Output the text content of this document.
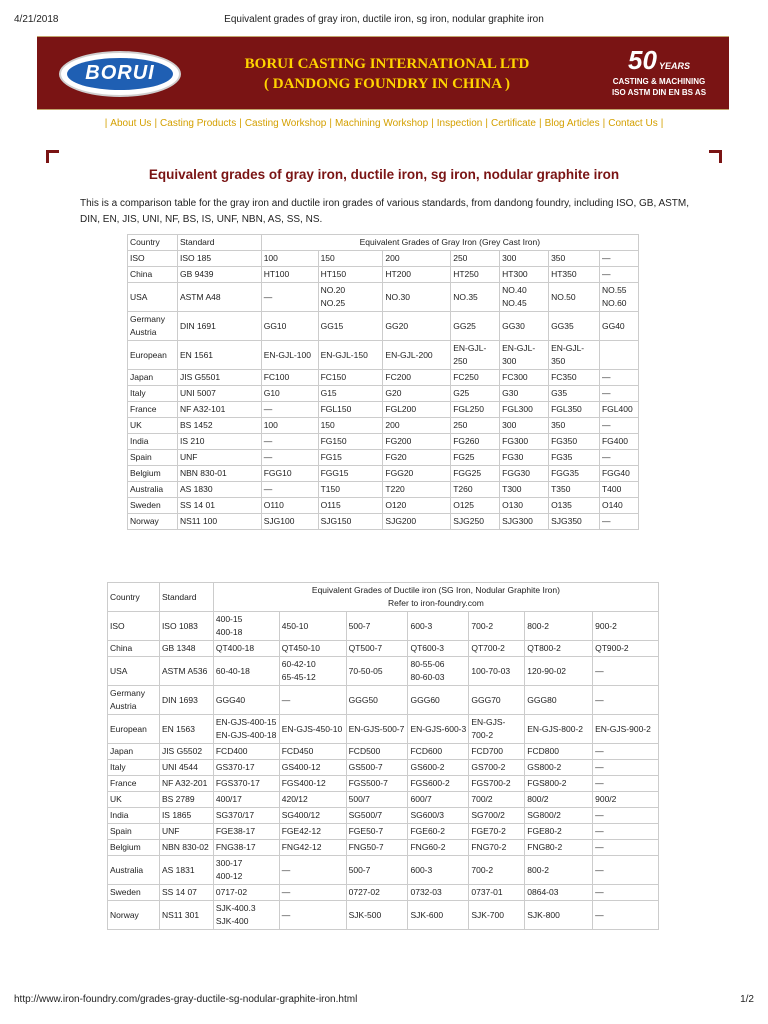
4/21/2018	Equivalent grades of gray iron, ductile iron, sg iron, nodular graphite iron
BORUI	BORUI CASTING INTERNATIONAL LTD
( DANDONG FOUNDRY IN CHINA )
50 YEARS
CASTING & MACHINING
ISO ASTM DIN EN BS AS
| About Us | Casting Products | Casting Workshop | Machining Workshop | Inspection | Certificate | Blog Articles | Contact Us |
Equivalent grades of gray iron, ductile iron, sg iron, nodular graphite iron
This is a comparison table for the gray iron and ductile iron grades of various standards, from dandong foundry, including ISO, GB, ASTM, DIN, EN, JIS, UNI, NF, BS, IS, UNF, NBN, AS, SS, NS.
Country	Standard	Equivalent Grades of Gray Iron (Grey Cast Iron)						

ISO	ISO 185	100	150	200	250	300	350	—

China	GB 9439	HT100	HT150	HT200	HT250	HT300	HT350	—

USA	ASTM A48	—	NO.20
NO.25	NO.30	NO.35	NO.40
NO.45	NO.50	NO.55
NO.60

Germany
Austria	DIN 1691	GG10	GG15	GG20	GG25	GG30	GG35	GG40

European	EN 1561	EN-GJL-100	EN-GJL-150	EN-GJL-200	EN-GJL-250	EN-GJL-300	EN-GJL-350	

Japan	JIS G5501	FC100	FC150	FC200	FC250	FC300	FC350	—

Italy	UNI 5007	G10	G15	G20	G25	G30	G35	—

France	NF A32-101	—	FGL150	FGL200	FGL250	FGL300	FGL350	FGL400

UK	BS 1452	100	150	200	250	300	350	—

India	IS 210	—	FG150	FG200	FG260	FG300	FG350	FG400

Spain	UNF	—	FG15	FG20	FG25	FG30	FG35	—

Belgium	NBN 830-01	FGG10	FGG15	FGG20	FGG25	FGG30	FGG35	FGG40

Australia	AS 1830	—	T150	T220	T260	T300	T350	T400

Sweden	SS 14 01	O110	O115	O120	O125	O130	O135	O140

Norway	NS11 100	SJG100	SJG150	SJG200	SJG250	SJG300	SJG350	—
Country	Standard	Equivalent Grades of Ductile iron (SG Iron, Nodular Graphite Iron)
Refer to iron-foundry.com						

ISO	ISO 1083	400-15
400-18	450-10	500-7	600-3	700-2	800-2	900-2

China	GB 1348	QT400-18	QT450-10	QT500-7	QT600-3	QT700-2	QT800-2	QT900-2

USA	ASTM A536	60-40-18	60-42-10
65-45-12	70-50-05	80-55-06
80-60-03	100-70-03	120-90-02	—

Germany
Austria	DIN 1693	GGG40	—	GGG50	GGG60	GGG70	GGG80	—

European	EN 1563	EN-GJS-400-15
EN-GJS-400-18	EN-GJS-450-10	EN-GJS-500-7	EN-GJS-600-3	EN-GJS-700-2	EN-GJS-800-2	EN-GJS-900-2

Japan	JIS G5502	FCD400	FCD450	FCD500	FCD600	FCD700	FCD800	—

Italy	UNI 4544	GS370-17	GS400-12	GS500-7	GS600-2	GS700-2	GS800-2	—

France	NF A32-201	FGS370-17	FGS400-12	FGS500-7	FGS600-2	FGS700-2	FGS800-2	—

UK	BS 2789	400/17	420/12	500/7	600/7	700/2	800/2	900/2

India	IS 1865	SG370/17	SG400/12	SG500/7	SG600/3	SG700/2	SG800/2	—

Spain	UNF	FGE38-17	FGE42-12	FGE50-7	FGE60-2	FGE70-2	FGE80-2	—

Belgium	NBN 830-02	FNG38-17	FNG42-12	FNG50-7	FNG60-2	FNG70-2	FNG80-2	—

Australia	AS 1831	300-17
400-12	—	500-7	600-3	700-2	800-2	—

Sweden	SS 14 07	0717-02	—	0727-02	0732-03	0737-01	0864-03	—

Norway	NS11 301	SJK-400.3
SJK-400	—	SJK-500	SJK-600	SJK-700	SJK-800	—
http://www.iron-foundry.com/grades-gray-ductile-sg-nodular-graphite-iron.html	1/2
